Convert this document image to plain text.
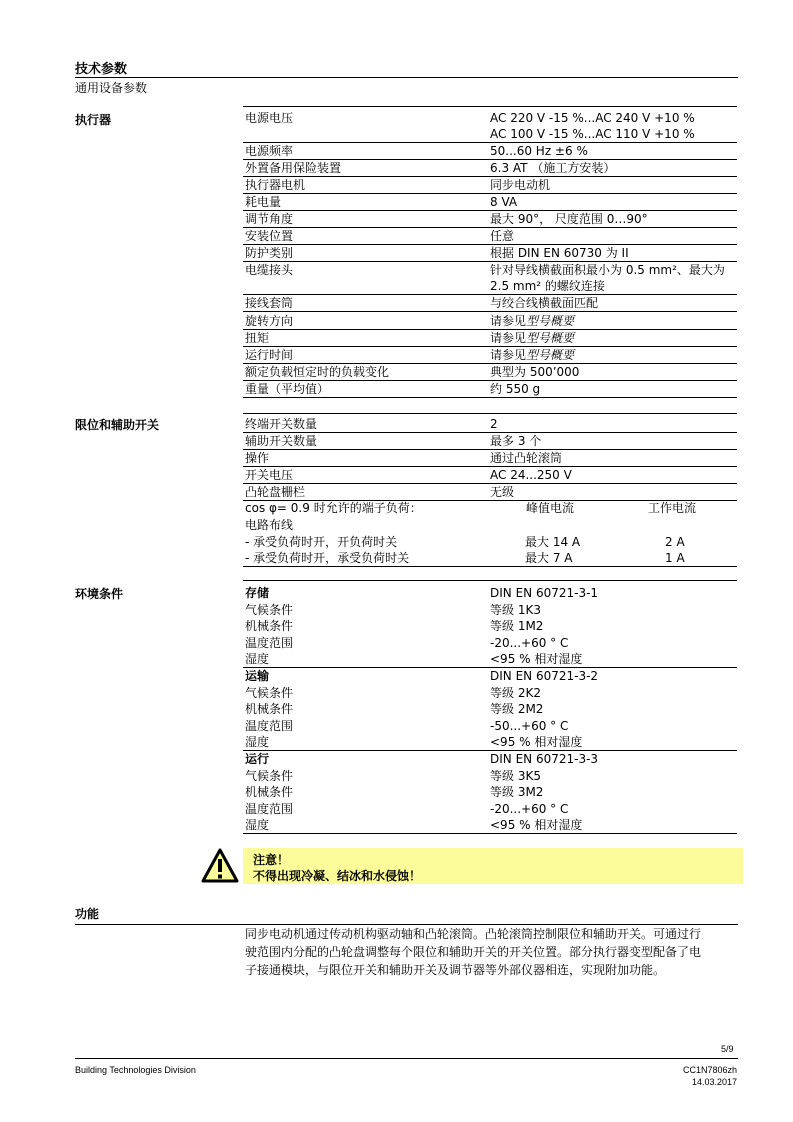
技术参数
通用设备参数
执行器	电源电压	AC 220 V -15 %...AC 240 V +10 %
AC 100 V -15 %...AC 110 V +10 %
电源频率	50...60 Hz ±6 %
外置备用保险装置	6.3 AT （施工方安装）
执行器电机	同步电动机
耗电量	8 VA
调节角度	最大 90°， 尺度范围 0…90°
安装位置	任意
防护类别	根据 DIN EN 60730 为 II
电缆接头	针对导线横截面积最小为 0.5 mm²、最大为
2.5 mm² 的螺纹连接
接线套筒	与绞合线横截面匹配
旋转方向	请参见型号概要
扭矩	请参见型号概要
运行时间	请参见型号概要
额定负载恒定时的负载变化	典型为 500’000
重量（平均值）	约 550 g
限位和辅助开关	终端开关数量	2
辅助开关数量	最多 3 个
操作	通过凸轮滚筒
开关电压	AC 24...250 V
凸轮盘栅栏	无级
cos φ= 0.9 时允许的端子负荷：	峰值电流	工作电流
电路布线
- 承受负荷时开，开负荷时关	最大 14 A	2 A
- 承受负荷时开，承受负荷时关	最大 7 A	1 A
环境条件	存储	DIN EN 60721-3-1
气候条件	等级 1K3
机械条件	等级 1M2
温度范围	-20...+60 ° C
湿度	<95 % 相对湿度
运输	DIN EN 60721-3-2
气候条件	等级 2K2
机械条件	等级 2M2
温度范围	-50...+60 ° C
湿度	<95 % 相对湿度
运行	DIN EN 60721-3-3
气候条件	等级 3K5
机械条件	等级 3M2
温度范围	-20...+60 ° C
湿度	<95 % 相对湿度
注意！
不得出现冷凝、结冰和水侵蚀！
功能
同步电动机通过传动机构驱动轴和凸轮滚筒。凸轮滚筒控制限位和辅助开关。可通过行
驶范围内分配的凸轮盘调整每个限位和辅助开关的开关位置。部分执行器变型配备了电
子接通模块，与限位开关和辅助开关及调节器等外部仪器相连，实现附加功能。
5/9
Building Technologies Division	CC1N7806zh
14.03.2017
